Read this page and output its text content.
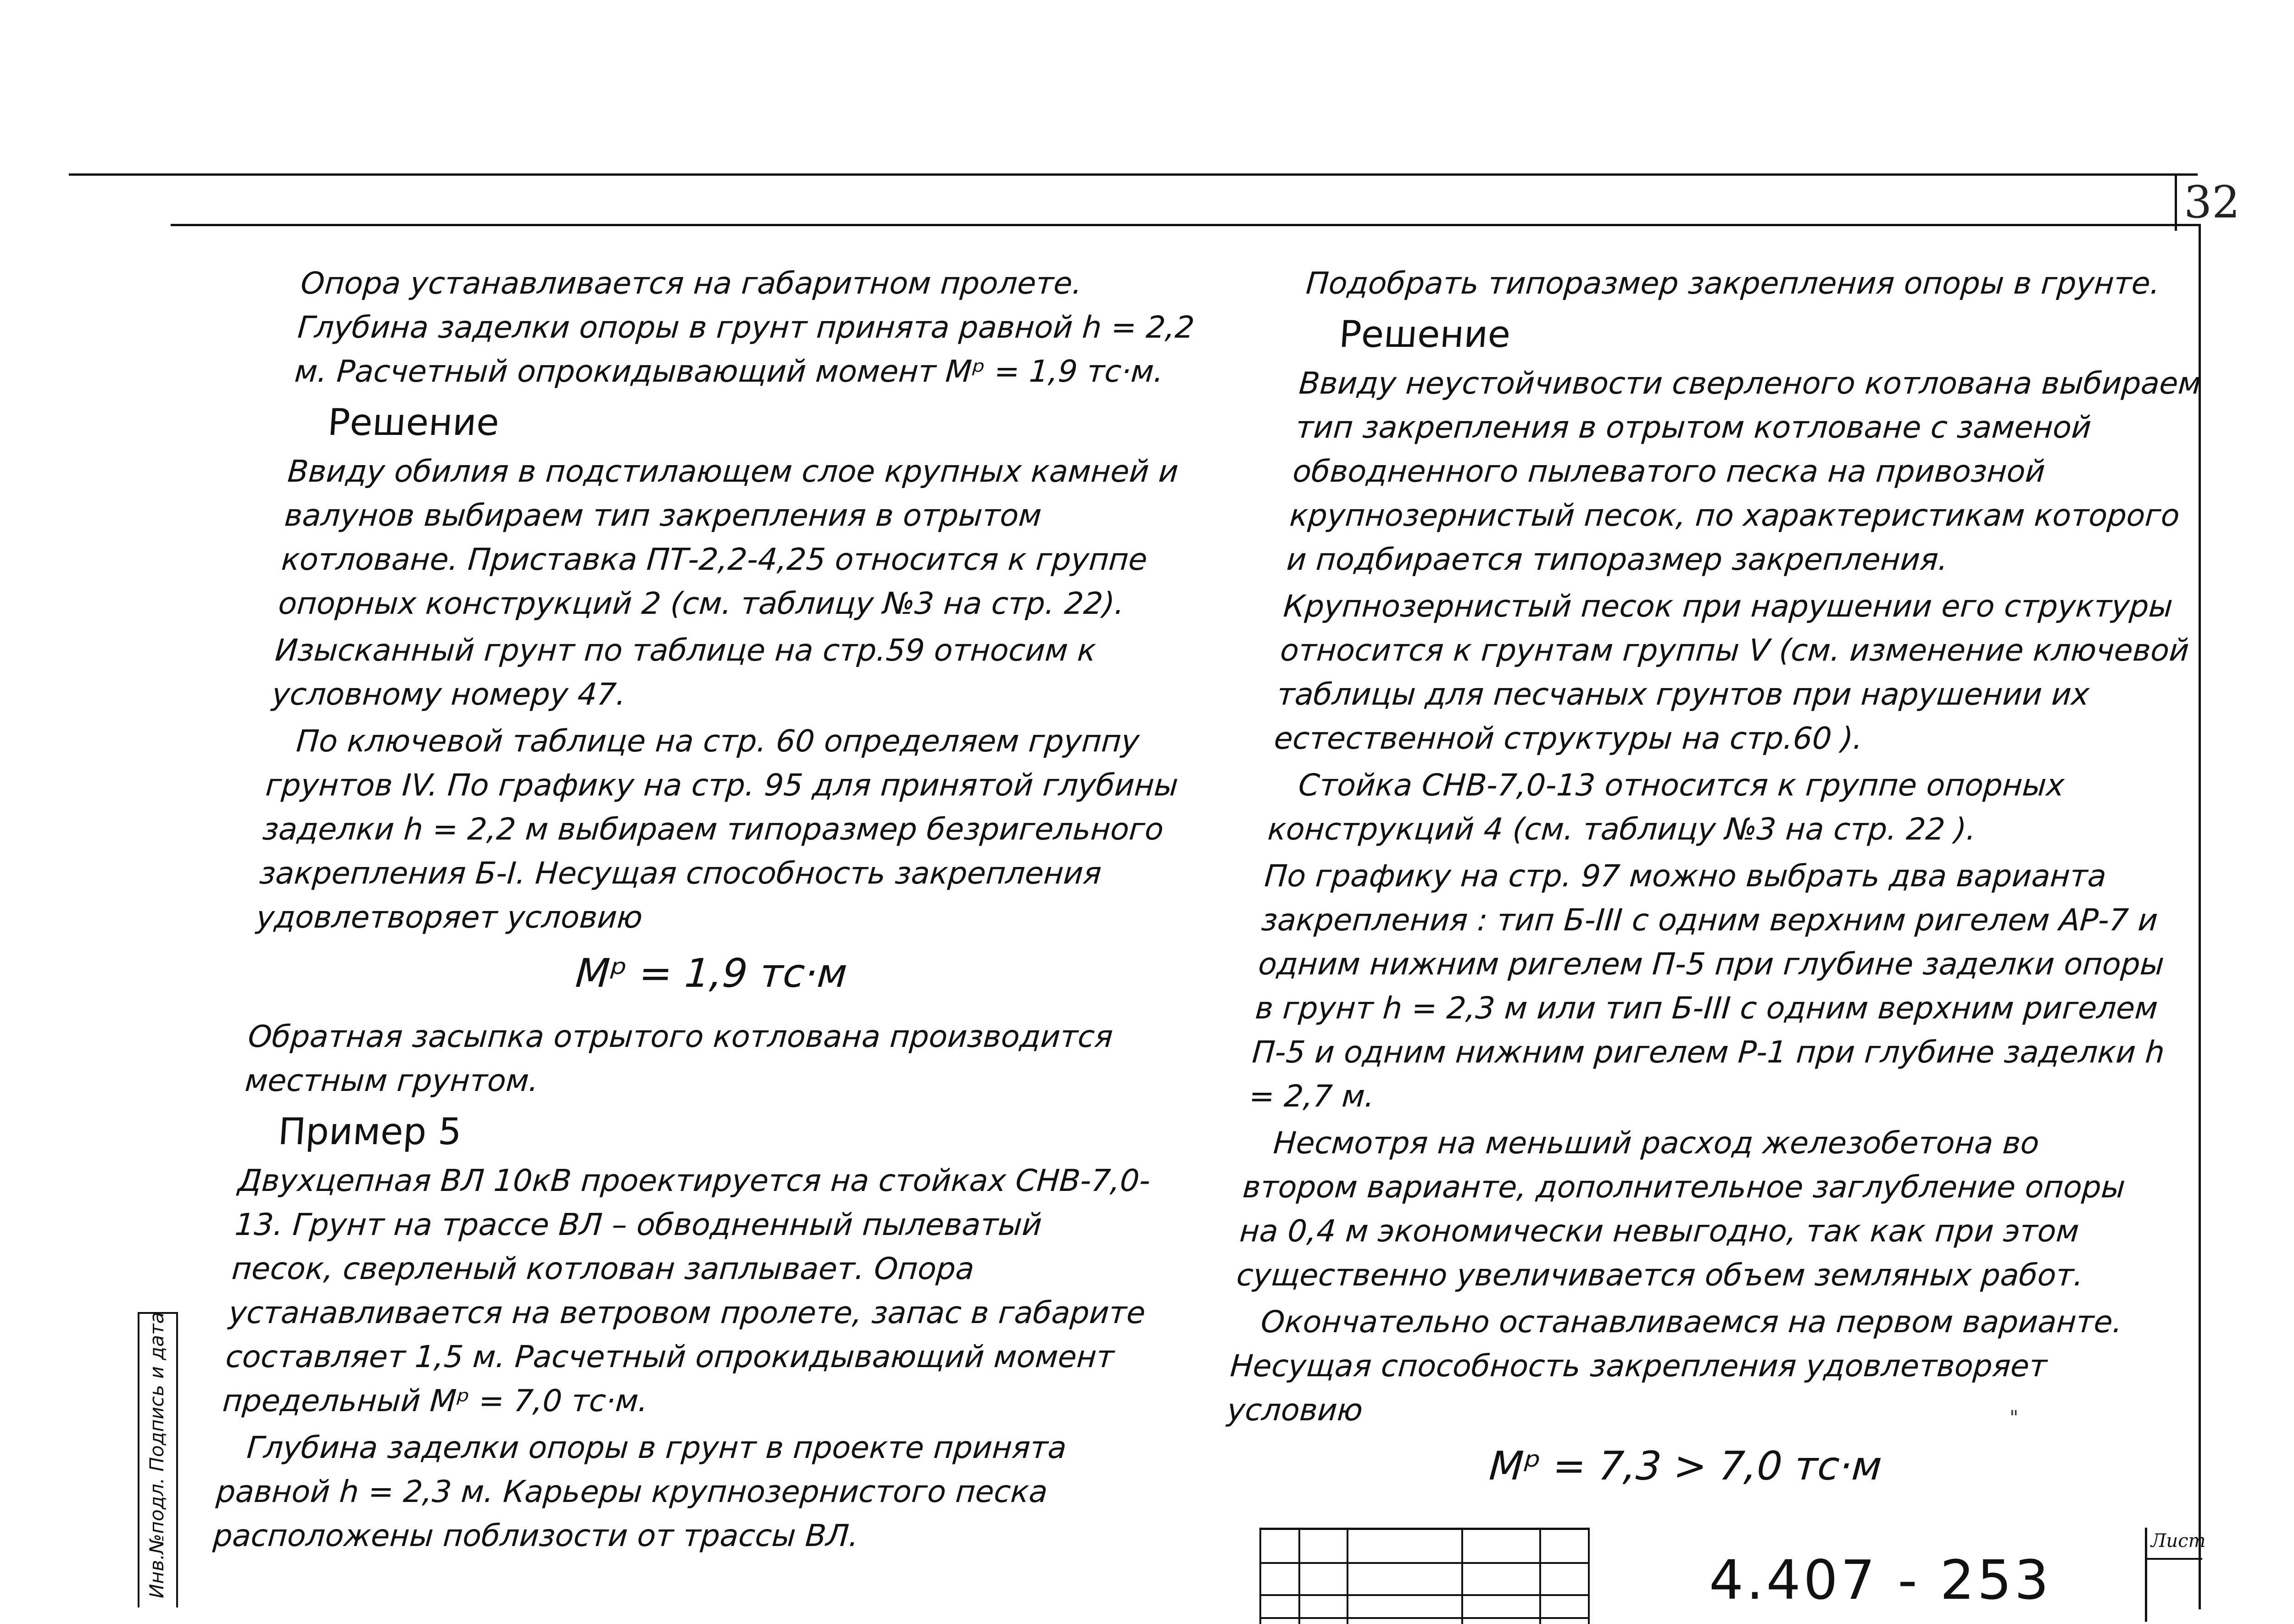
32

Опора устанавливается на габаритном пролете. Глубина заделки опоры в грунт принята равной h = 2,2 м. Расчетный опрокидывающий момент Mᵖ = 1,9 тс·м.

Решение

Ввиду обилия в подстилающем слое крупных камней и валунов выбираем тип закрепления в отрытом котловане. Приставка ПТ-2,2-4,25 относится к группе опорных конструкций 2 (см. таблицу №3 на стр. 22).

Изысканный грунт по таблице на стр.59 относим к условному номеру 47.

По ключевой таблице на стр. 60 определяем группу грунтов IV. По графику на стр. 95 для принятой глубины заделки h = 2,2 м выбираем типоразмер безригельного закрепления Б-I. Несущая способность закрепления удовлетворяет условию

Mᵖ = 1,9 тс·м

Обратная засыпка отрытого котлована производится местным грунтом.

Пример 5

Двухцепная ВЛ 10кВ проектируется на стойках СНВ-7,0-13. Грунт на трассе ВЛ – обводненный пылеватый песок, сверленый котлован заплывает. Опора устанавливается на ветровом пролете, запас в габарите составляет 1,5 м. Расчетный опрокидывающий момент предельный Mᵖ = 7,0 тс·м.

Глубина заделки опоры в грунт в проекте принята равной h = 2,3 м. Карьеры крупнозернистого песка расположены поблизости от трассы ВЛ.

Подобрать типоразмер закрепления опоры в грунте.

Решение

Ввиду неустойчивости сверленого котлована выбираем тип закрепления в отрытом котловане с заменой обводненного пылеватого песка на привозной крупнозернистый песок, по характеристикам которого и подбирается типоразмер закрепления.

Крупнозернистый песок при нарушении его структуры относится к грунтам группы V (см. изменение ключевой таблицы для песчаных грунтов при нарушении их естественной структуры на стр.60 ).

Стойка СНВ-7,0-13 относится к группе опорных конструкций 4 (см. таблицу №3 на стр. 22 ).

По графику на стр. 97 можно выбрать два варианта закрепления : тип Б-III с одним верхним ригелем АР-7 и одним нижним ригелем П-5 при глубине заделки опоры в грунт h = 2,3 м или тип Б-III с одним верхним ригелем П-5 и одним нижним ригелем Р-1 при глубине заделки h = 2,7 м.

Несмотря на меньший расход железобетона во втором варианте, дополнительное заглубление опоры на 0,4 м экономически невыгодно, так как при этом существенно увеличивается объем земляных работ.

Окончательно останавливаемся на первом варианте. Несущая способность закрепления удовлетворяет условию

Mᵖ = 7,3 > 7,0 тс·м
"
Инв.№подл. Подпись и дата	4.407 - 253
Лист
